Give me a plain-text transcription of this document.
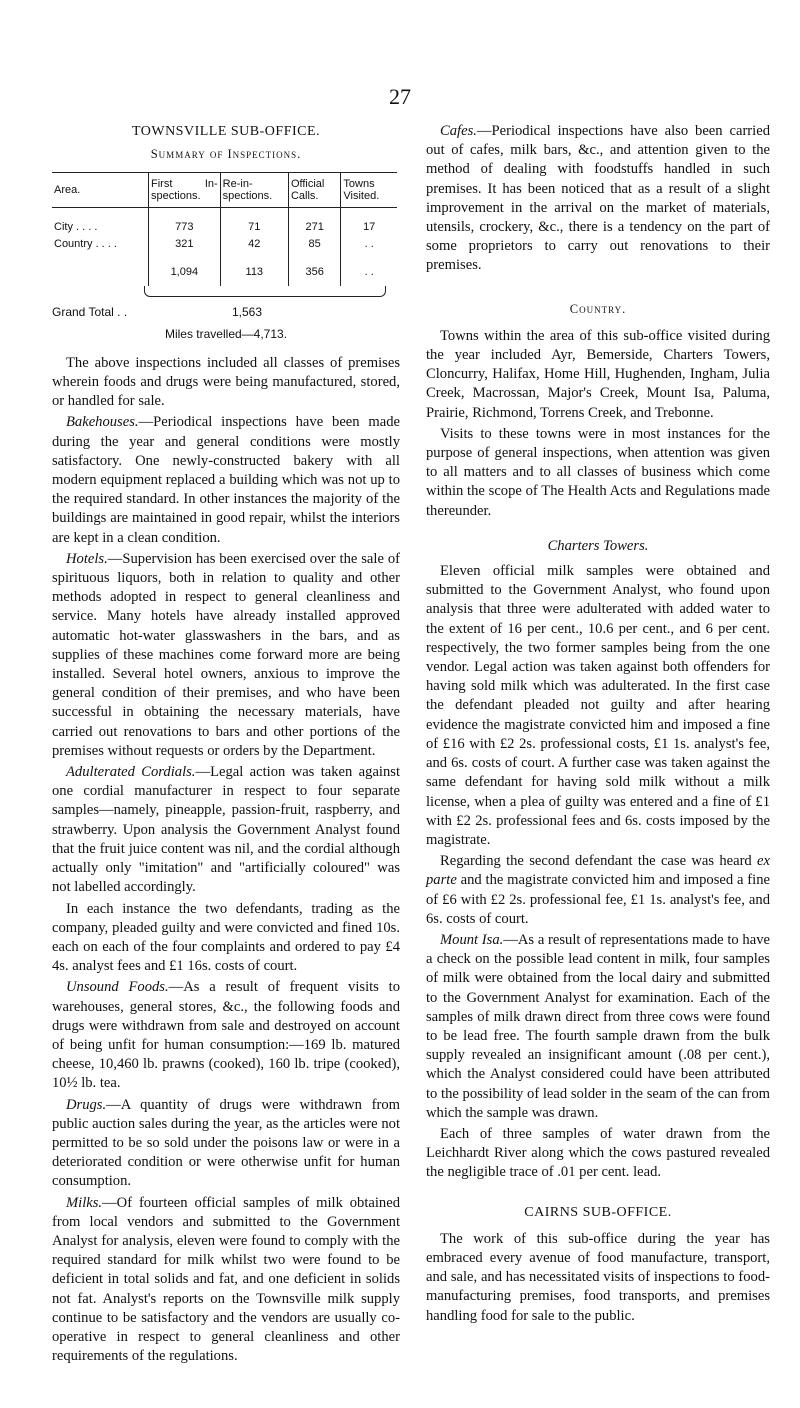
27
TOWNSVILLE SUB-OFFICE.
Summary of Inspections.
Area.	First In-spections.	Re-in-spections.	Official Calls.	Towns Visited.
City . . . .	773	71	271	17
Country . . . .	321	42	85	. .
	1,094	113	356	. .
Grand Total . .	1,563
Miles travelled—4,713.

The above inspections included all classes of premises wherein foods and drugs were being manufactured, stored, or handled for sale.

Bakehouses.—Periodical inspections have been made during the year and general conditions were mostly satisfactory. One newly-constructed bakery with all modern equipment replaced a building which was not up to the required standard. In other instances the majority of the buildings are maintained in good repair, whilst the interiors are kept in a clean condition.

Hotels.—Supervision has been exercised over the sale of spirituous liquors, both in relation to quality and other methods adopted in respect to general cleanliness and service. Many hotels have already installed approved automatic hot-water glasswashers in the bars, and as supplies of these machines come forward more are being installed. Several hotel owners, anxious to improve the general condition of their premises, and who have been successful in obtaining the necessary materials, have carried out renovations to bars and other portions of the premises without requests or orders by the Department.

Adulterated Cordials.—Legal action was taken against one cordial manufacturer in respect to four separate samples—namely, pineapple, passion-fruit, raspberry, and strawberry. Upon analysis the Government Analyst found that the fruit juice content was nil, and the cordial although actually only "imitation" and "artificially coloured" was not labelled accordingly.

In each instance the two defendants, trading as the company, pleaded guilty and were convicted and fined 10s. each on each of the four complaints and ordered to pay £4 4s. analyst fees and £1 16s. costs of court.

Unsound Foods.—As a result of frequent visits to warehouses, general stores, &c., the following foods and drugs were withdrawn from sale and destroyed on account of being unfit for human consumption:—169 lb. matured cheese, 10,460 lb. prawns (cooked), 160 lb. tripe (cooked), 10½ lb. tea.

Drugs.—A quantity of drugs were withdrawn from public auction sales during the year, as the articles were not permitted to be so sold under the poisons law or were in a deteriorated condition or were otherwise unfit for human consumption.

Milks.—Of fourteen official samples of milk obtained from local vendors and submitted to the Government Analyst for analysis, eleven were found to comply with the required standard for milk whilst two were found to be deficient in total solids and fat, and one deficient in solids not fat. Analyst's reports on the Townsville milk supply continue to be satisfactory and the vendors are usually co-operative in respect to general cleanliness and other requirements of the regulations.

Cafes.—Periodical inspections have also been carried out of cafes, milk bars, &c., and attention given to the method of dealing with foodstuffs handled in such premises. It has been noticed that as a result of a slight improvement in the arrival on the market of materials, utensils, crockery, &c., there is a tendency on the part of some proprietors to carry out renovations to their premises.

Country.

Towns within the area of this sub-office visited during the year included Ayr, Bemerside, Charters Towers, Cloncurry, Halifax, Home Hill, Hughenden, Ingham, Julia Creek, Macrossan, Major's Creek, Mount Isa, Paluma, Prairie, Richmond, Torrens Creek, and Trebonne.

Visits to these towns were in most instances for the purpose of general inspections, when attention was given to all matters and to all classes of business which come within the scope of The Health Acts and Regulations made thereunder.

Charters Towers.

Eleven official milk samples were obtained and submitted to the Government Analyst, who found upon analysis that three were adulterated with added water to the extent of 16 per cent., 10.6 per cent., and 6 per cent. respectively, the two former samples being from the one vendor. Legal action was taken against both offenders for having sold milk which was adulterated. In the first case the defendant pleaded not guilty and after hearing evidence the magistrate convicted him and imposed a fine of £16 with £2 2s. professional costs, £1 1s. analyst's fee, and 6s. costs of court. A further case was taken against the same defendant for having sold milk without a milk license, when a plea of guilty was entered and a fine of £1 with £2 2s. professional fees and 6s. costs imposed by the magistrate.

Regarding the second defendant the case was heard ex parte and the magistrate convicted him and imposed a fine of £6 with £2 2s. professional fee, £1 1s. analyst's fee, and 6s. costs of court.

Mount Isa.—As a result of representations made to have a check on the possible lead content in milk, four samples of milk were obtained from the local dairy and submitted to the Government Analyst for examination. Each of the samples of milk drawn direct from three cows were found to be lead free. The fourth sample drawn from the bulk supply revealed an insignificant amount (.08 per cent.), which the Analyst considered could have been attributed to the possibility of lead solder in the seam of the can from which the sample was drawn.

Each of three samples of water drawn from the Leichhardt River along which the cows pastured revealed the negligible trace of .01 per cent. lead.

CAIRNS SUB-OFFICE.

The work of this sub-office during the year has embraced every avenue of food manufacture, transport, and sale, and has necessitated visits of inspections to food-manufacturing premises, food transports, and premises handling food for sale to the public.
